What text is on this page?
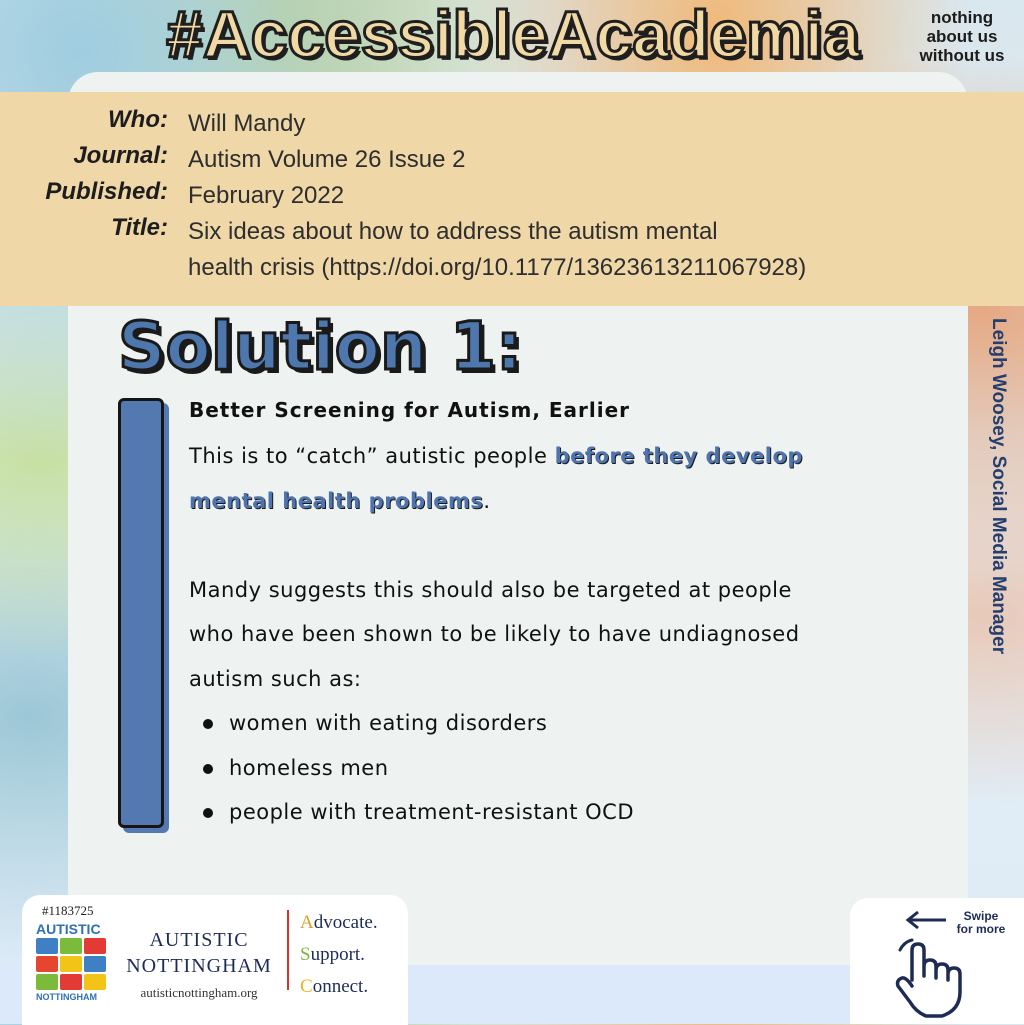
#AccessibleAcademia	nothing
about us
without us
Who: Will Mandy
Journal: Autism Volume 26 Issue 2
Published: February 2022
Title: Six ideas about how to address the autism mental
health crisis (https://doi.org/10.1177/13623613211067928)
Solution 1:
Better Screening for Autism, Earlier
This is to “catch” autistic people before they develop
mental health problems.
Mandy suggests this should also be targeted at people
who have been shown to be likely to have undiagnosed
autism such as:
women with eating disorders
homeless men
people with treatment-resistant OCD
Leigh Woosey, Social Media Manager
#1183725
AUTISTIC
NOTTINGHAM
AUTISTIC
NOTTINGHAM
autisticnottingham.org
Advocate.
Support.
Connect.
Swipe
for more
